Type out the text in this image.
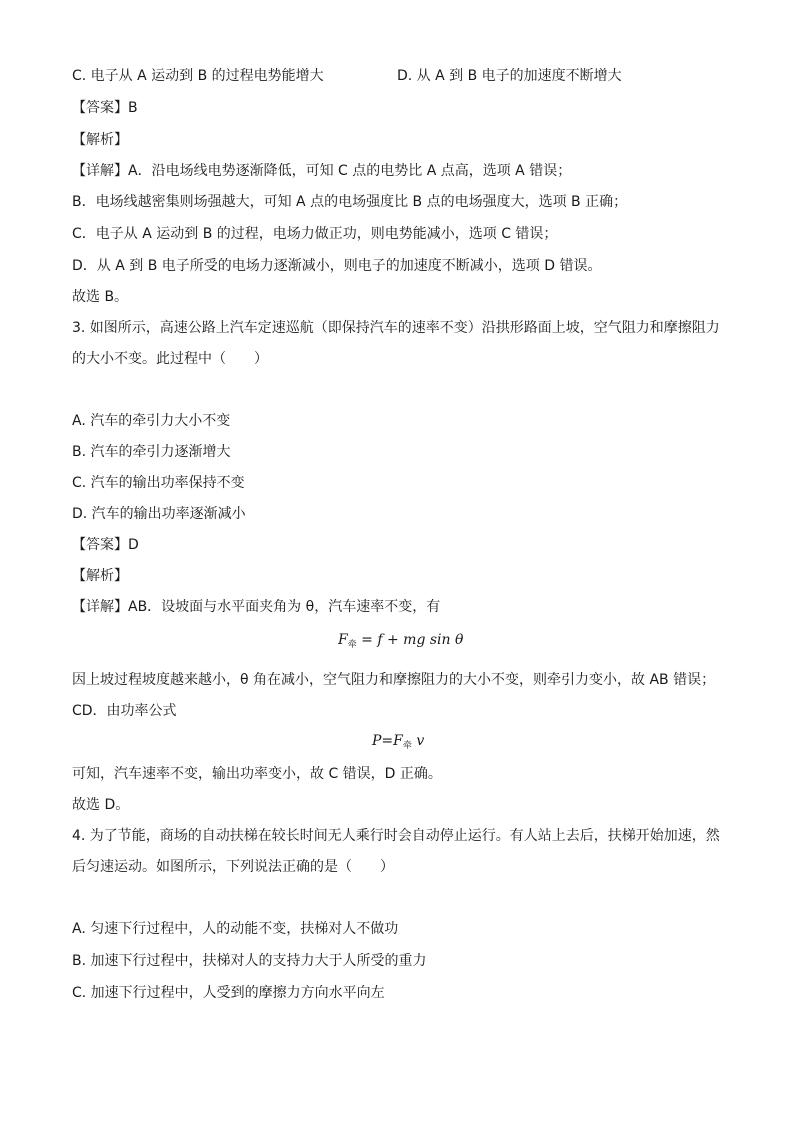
C. 电子从 A 运动到 B 的过程电势能增大	D. 从 A 到 B 电子的加速度不断增大
【答案】B
【解析】
【详解】A．沿电场线电势逐渐降低，可知 C 点的电势比 A 点高，选项 A 错误；
B．电场线越密集则场强越大，可知 A 点的电场强度比 B 点的电场强度大，选项 B 正确；
C．电子从 A 运动到 B 的过程，电场力做正功，则电势能减小，选项 C 错误；
D．从 A 到 B 电子所受的电场力逐渐减小，则电子的加速度不断减小，选项 D 错误。
故选 B。
3. 如图所示，高速公路上汽车定速巡航（即保持汽车的速率不变）沿拱形路面上坡，空气阻力和摩擦阻力
的大小不变。此过程中（　　）
A. 汽车的牵引力大小不变
B. 汽车的牵引力逐渐增大
C. 汽车的输出功率保持不变
D. 汽车的输出功率逐渐减小
【答案】D
【解析】
【详解】AB．设坡面与水平面夹角为 θ，汽车速率不变，有
$F_牵 = f$ + mg sin θ
因上坡过程坡度越来越小，θ 角在减小，空气阻力和摩擦阻力的大小不变，则牵引力变小，故 AB 错误；
CD．由功率公式
$P=F_牵$ v
可知，汽车速率不变，输出功率变小，故 C 错误，D 正确。
故选 D。
4. 为了节能，商场的自动扶梯在较长时间无人乘行时会自动停止运行。有人站上去后，扶梯开始加速，然
后匀速运动。如图所示，下列说法正确的是（　　）
A. 匀速下行过程中，人的动能不变，扶梯对人不做功
B. 加速下行过程中，扶梯对人的支持力大于人所受的重力
C. 加速下行过程中，人受到的摩擦力方向水平向左
